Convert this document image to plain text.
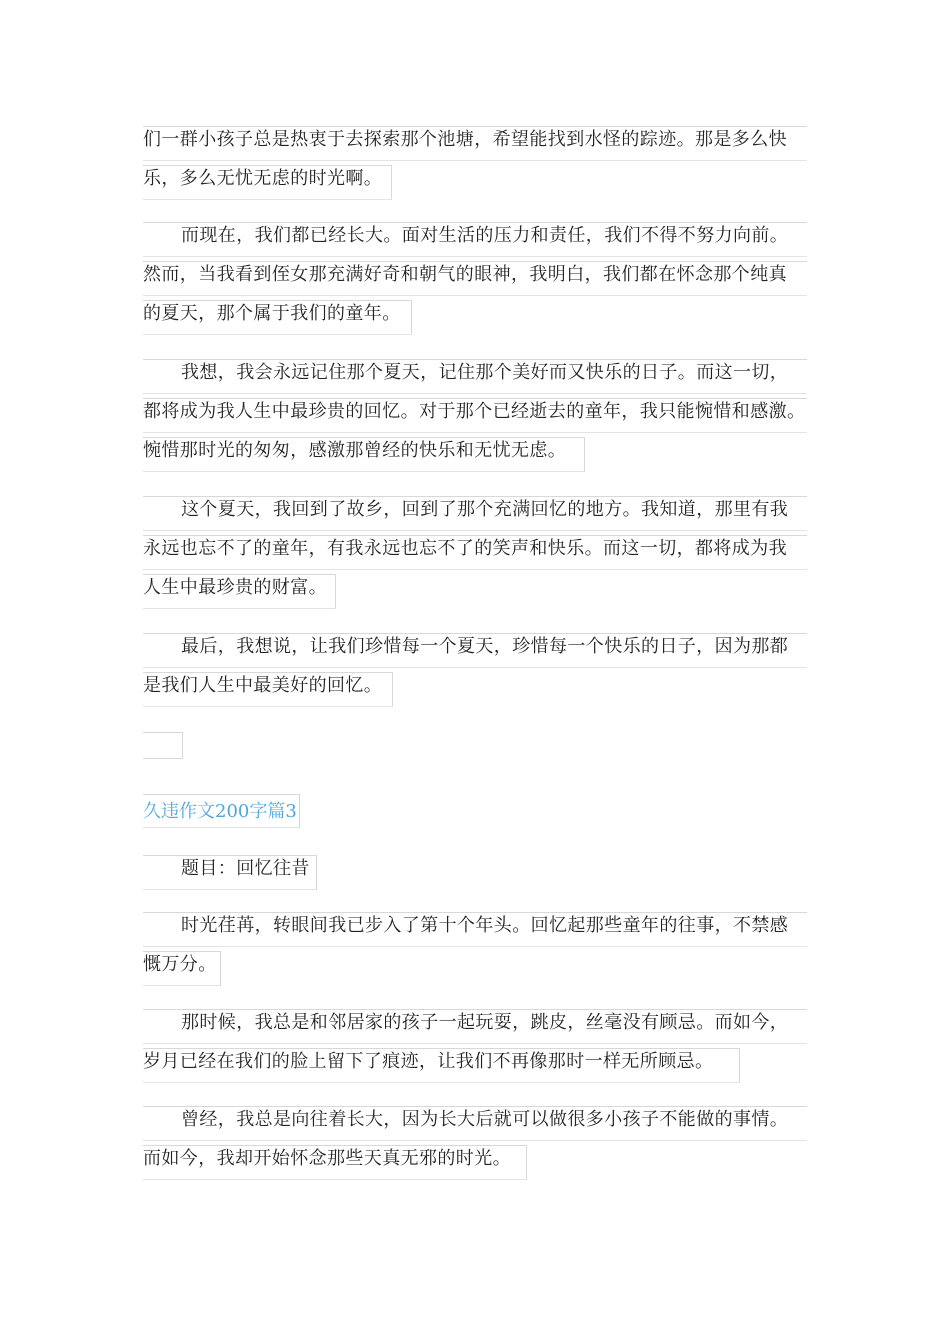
们一群小孩子总是热衷于去探索那个池塘，希望能找到水怪的踪迹。那是多么快
乐，多么无忧无虑的时光啊。
而现在，我们都已经长大。面对生活的压力和责任，我们不得不努力向前。
然而，当我看到侄女那充满好奇和朝气的眼神，我明白，我们都在怀念那个纯真
的夏天，那个属于我们的童年。
我想，我会永远记住那个夏天，记住那个美好而又快乐的日子。而这一切，
都将成为我人生中最珍贵的回忆。对于那个已经逝去的童年，我只能惋惜和感激。
惋惜那时光的匆匆，感激那曾经的快乐和无忧无虑。
这个夏天，我回到了故乡，回到了那个充满回忆的地方。我知道，那里有我
永远也忘不了的童年，有我永远也忘不了的笑声和快乐。而这一切，都将成为我
人生中最珍贵的财富。
最后，我想说，让我们珍惜每一个夏天，珍惜每一个快乐的日子，因为那都
是我们人生中最美好的回忆。
久违作文200字篇3
题目：回忆往昔
时光荏苒，转眼间我已步入了第十个年头。回忆起那些童年的往事，不禁感
慨万分。
那时候，我总是和邻居家的孩子一起玩耍，跳皮，丝毫没有顾忌。而如今，
岁月已经在我们的脸上留下了痕迹，让我们不再像那时一样无所顾忌。
曾经，我总是向往着长大，因为长大后就可以做很多小孩子不能做的事情。
而如今，我却开始怀念那些天真无邪的时光。
